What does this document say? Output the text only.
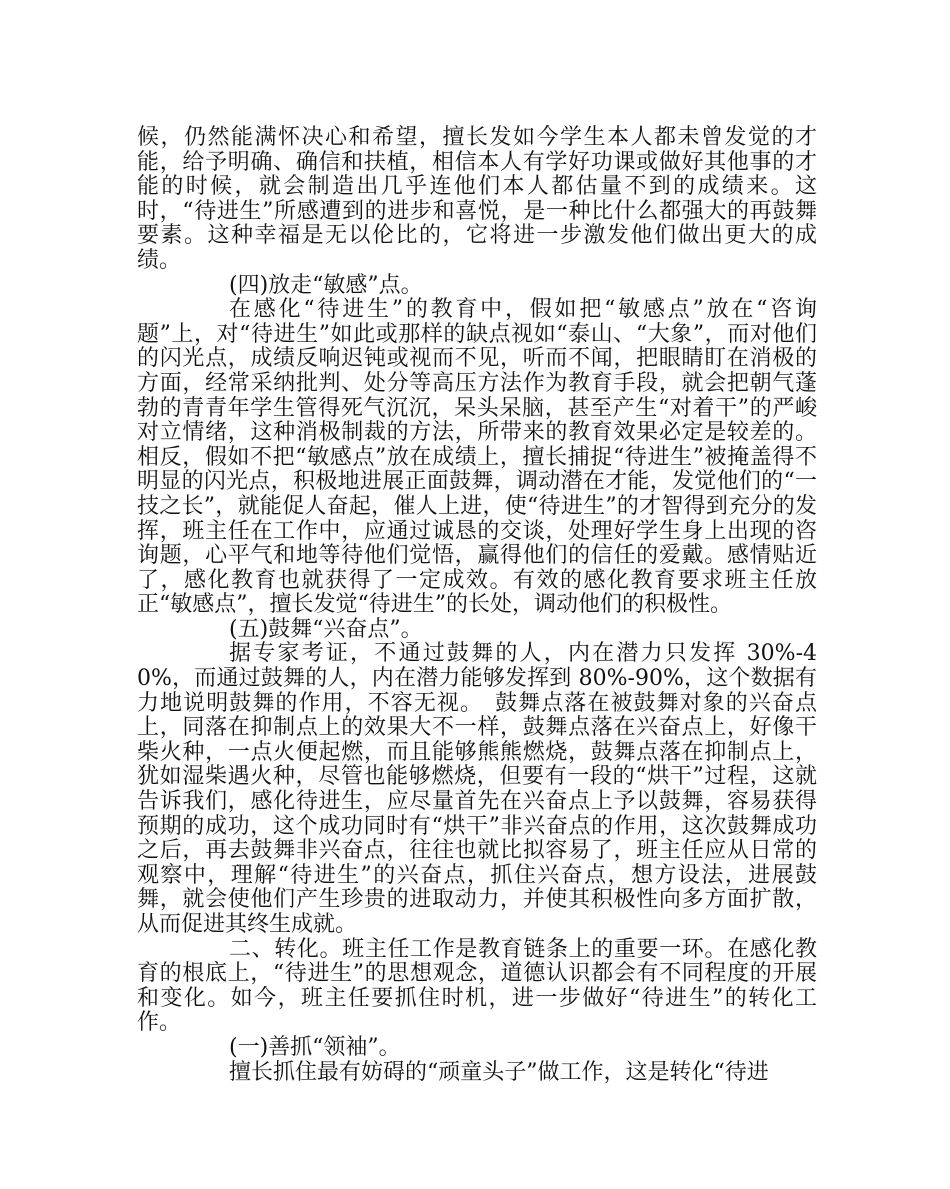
候，仍然能满怀决心和希望，擅长发如今学生本人都未曾发觉的才能，给予明确、确信和扶植，相信本人有学好功课或做好其他事的才能的时候，就会制造出几乎连他们本人都估量不到的成绩来。这时，“待进生”所感遭到的进步和喜悦，是一种比什么都强大的再鼓舞要素。这种幸福是无以伦比的，它将进一步激发他们做出更大的成绩。

(四)放走“敏感”点。

在感化“待进生”的教育中，假如把“敏感点”放在“咨询题”上，对“待进生”如此或那样的缺点视如“泰山、“大象”，而对他们的闪光点，成绩反响迟钝或视而不见，听而不闻，把眼睛盯在消极的方面，经常采纳批判、处分等高压方法作为教育手段，就会把朝气蓬勃的青青年学生管得死气沉沉，呆头呆脑，甚至产生“对着干”的严峻对立情绪，这种消极制裁的方法，所带来的教育效果必定是较差的。相反，假如不把“敏感点”放在成绩上，擅长捕捉“待进生”被掩盖得不明显的闪光点，积极地进展正面鼓舞，调动潜在才能，发觉他们的“一技之长”，就能促人奋起，催人上进，使“待进生”的才智得到充分的发挥，班主任在工作中，应通过诚恳的交谈，处理好学生身上出现的咨询题，心平气和地等待他们觉悟，赢得他们的信任的爱戴。感情贴近了，感化教育也就获得了一定成效。有效的感化教育要求班主任放正“敏感点”，擅长发觉“待进生”的长处，调动他们的积极性。

(五)鼓舞“兴奋点”。

据专家考证，不通过鼓舞的人，内在潜力只发挥 30%-40%，而通过鼓舞的人，内在潜力能够发挥到 80%-90%，这个数据有力地说明鼓舞的作用，不容无视。　鼓舞点落在被鼓舞对象的兴奋点上，同落在抑制点上的效果大不一样，鼓舞点落在兴奋点上，好像干柴火种，一点火便起燃，而且能够熊熊燃烧，鼓舞点落在抑制点上，犹如湿柴遇火种，尽管也能够燃烧，但要有一段的“烘干”过程，这就告诉我们，感化待进生，应尽量首先在兴奋点上予以鼓舞，容易获得预期的成功，这个成功同时有“烘干”非兴奋点的作用，这次鼓舞成功之后，再去鼓舞非兴奋点，往往也就比拟容易了，班主任应从日常的观察中，理解“待进生”的兴奋点，抓住兴奋点，想方设法，进展鼓舞，就会使他们产生珍贵的进取动力，并使其积极性向多方面扩散，从而促进其终生成就。

二、转化。班主任工作是教育链条上的重要一环。在感化教育的根底上，“待进生”的思想观念，道德认识都会有不同程度的开展和变化。如今，班主任要抓住时机，进一步做好“待进生”的转化工作。

(一)善抓“领袖”。

擅长抓住最有妨碍的“顽童头子”做工作，这是转化“待进
